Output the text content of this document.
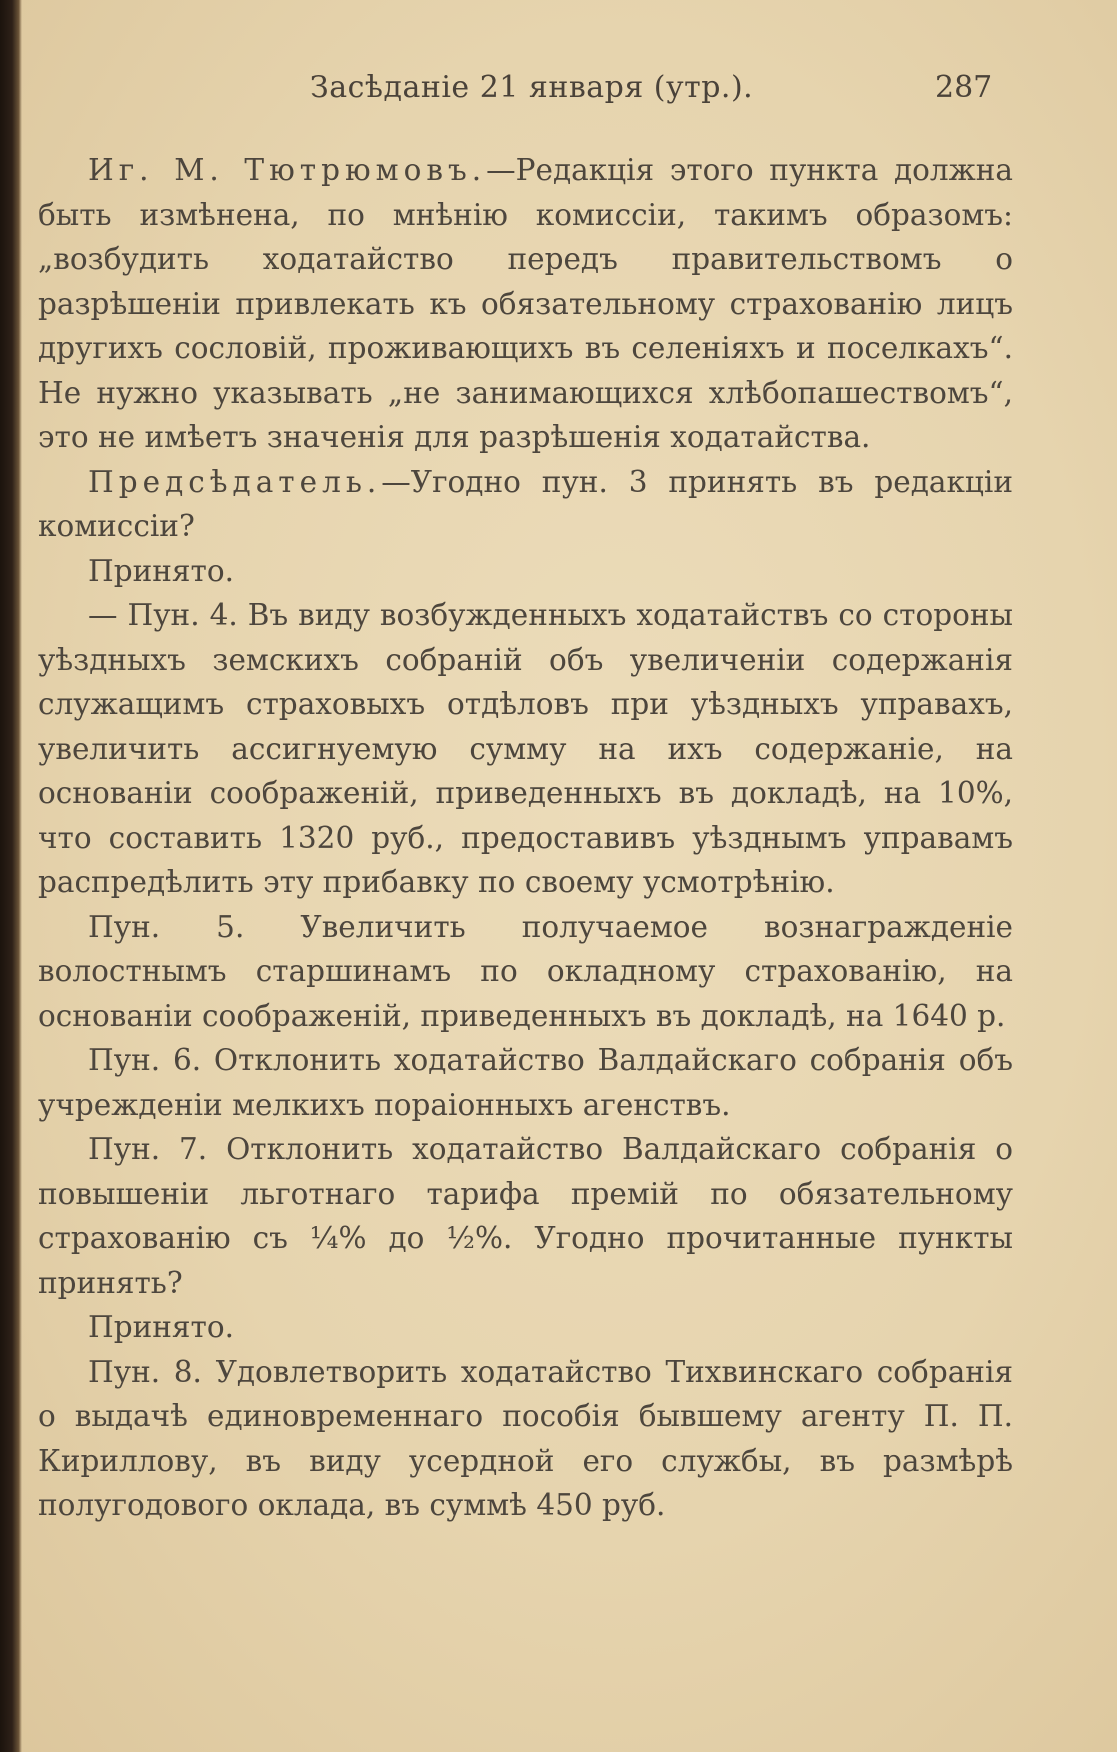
Засѣданіе 21 января (утр.).	287

Иг. М. Тютрюмовъ.—Редакція этого пункта должна быть измѣнена, по мнѣнію комиссіи, такимъ образомъ: „возбудить ходатайство передъ правительствомъ о разрѣшеніи привлекать къ обязательному страхованію лицъ другихъ сословій, проживающихъ въ селеніяхъ и поселкахъ“. Не нужно указывать „не занимающихся хлѣбопашествомъ“, это не имѣетъ значенія для разрѣшенія ходатайства.

Предсѣдатель.—Угодно пун. 3 принять въ редакціи комиссіи?

Принято.

— Пун. 4. Въ виду возбужденныхъ ходатайствъ со стороны уѣздныхъ земскихъ собраній объ увеличеніи содержанія служащимъ страховыхъ отдѣловъ при уѣздныхъ управахъ, увеличить ассигнуемую сумму на ихъ содержаніе, на основаніи соображеній, приведенныхъ въ докладѣ, на 10%, что составить 1320 руб., предоставивъ уѣзднымъ управамъ распредѣлить эту прибавку по своему усмотрѣнію.

Пун. 5. Увеличить получаемое вознагражденіе волостнымъ старшинамъ по окладному страхованію, на основаніи соображеній, приведенныхъ въ докладѣ, на 1640 р.

Пун. 6. Отклонить ходатайство Валдайскаго собранія объ учрежденіи мелкихъ пораіонныхъ агенствъ.

Пун. 7. Отклонить ходатайство Валдайскаго собранія о повышеніи льготнаго тарифа премій по обязательному страхованію съ ¼% до ½%. Угодно прочитанные пункты принять?

Принято.

Пун. 8. Удовлетворить ходатайство Тихвинскаго собранія о выдачѣ единовременнаго пособія бывшему агенту П. П. Кириллову, въ виду усердной его службы, въ размѣрѣ полугодового оклада, въ суммѣ 450 руб.
